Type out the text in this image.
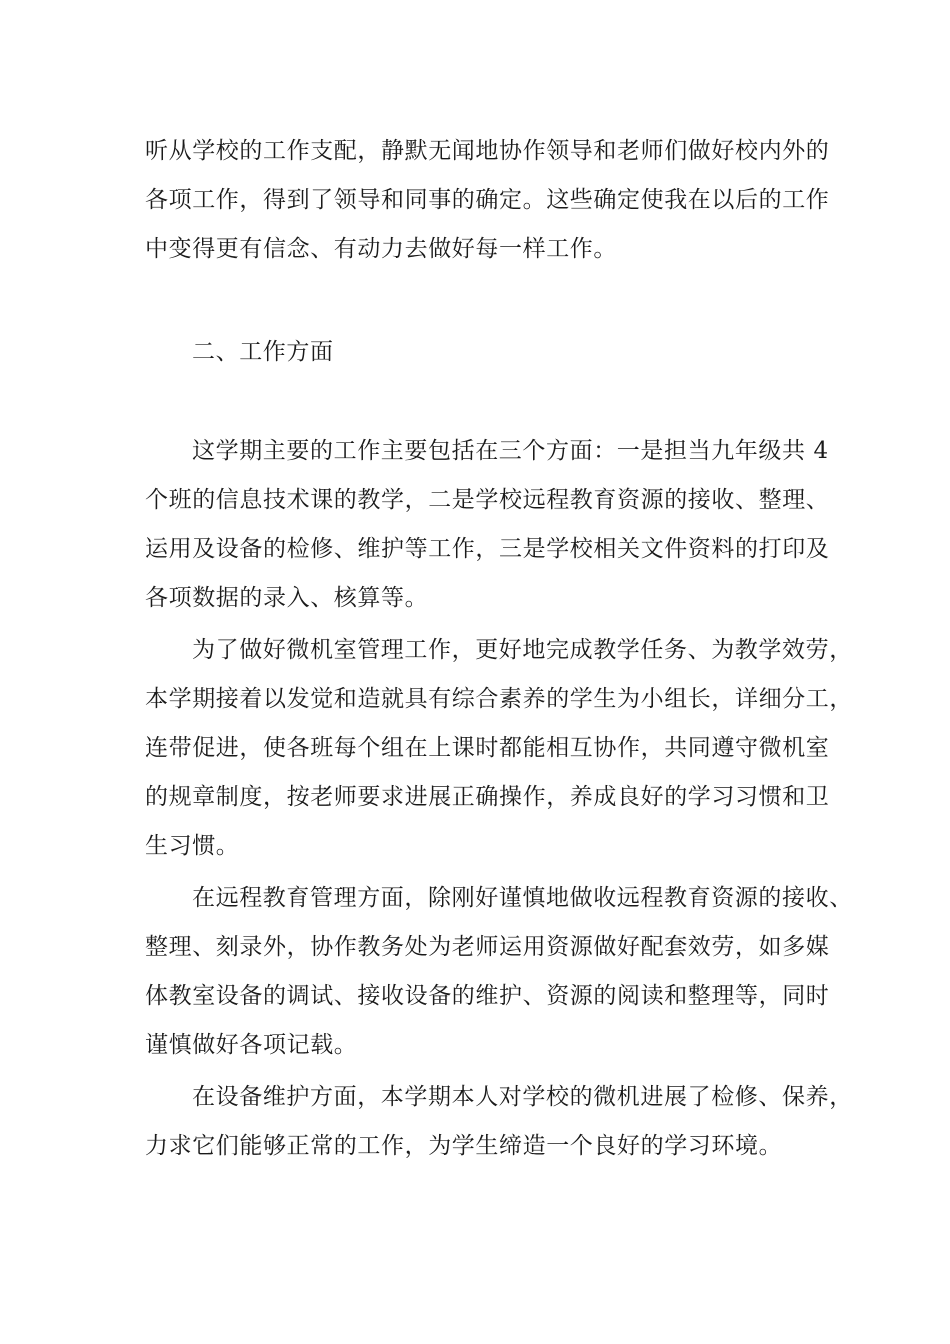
听从学校的工作支配，静默无闻地协作领导和老师们做好校内外的
各项工作，得到了领导和同事的确定。这些确定使我在以后的工作
中变得更有信念、有动力去做好每一样工作。
二、工作方面
这学期主要的工作主要包括在三个方面：一是担当九年级共 4
个班的信息技术课的教学，二是学校远程教育资源的接收、整理、
运用及设备的检修、维护等工作，三是学校相关文件资料的打印及
各项数据的录入、核算等。
为了做好微机室管理工作，更好地完成教学任务、为教学效劳，
本学期接着以发觉和造就具有综合素养的学生为小组长，详细分工，
连带促进，使各班每个组在上课时都能相互协作，共同遵守微机室
的规章制度，按老师要求进展正确操作，养成良好的学习习惯和卫
生习惯。
在远程教育管理方面，除刚好谨慎地做收远程教育资源的接收、
整理、刻录外，协作教务处为老师运用资源做好配套效劳，如多媒
体教室设备的调试、接收设备的维护、资源的阅读和整理等，同时
谨慎做好各项记载。
在设备维护方面，本学期本人对学校的微机进展了检修、保养，
力求它们能够正常的工作，为学生缔造一个良好的学习环境。
